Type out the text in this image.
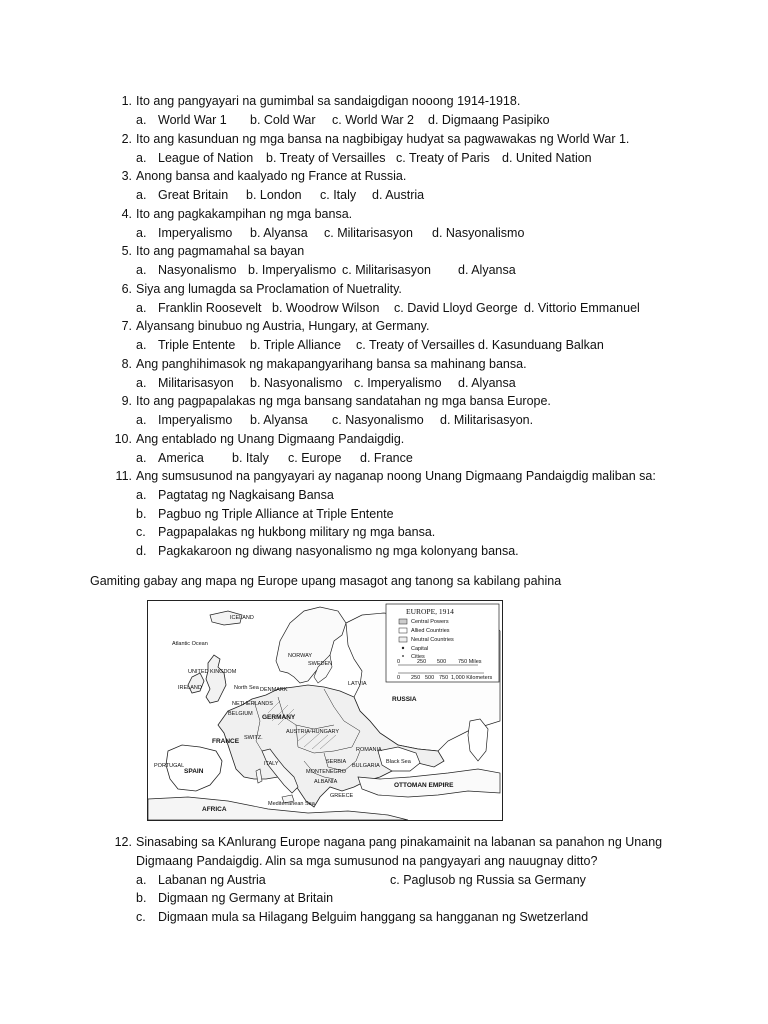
1. Ito ang pangyayari na gumimbal sa sandaigdigan nooong 1914-1918.
a. World War 1 b. Cold War c. World War 2 d. Digmaang Pasipiko
2. Ito ang kasunduan ng mga bansa na nagbibigay hudyat sa pagwawakas ng World War 1.
a. League of Nation b. Treaty of Versailles c. Treaty of Paris d. United Nation
3. Anong bansa and kaalyado ng France at Russia.
a. Great Britain b. London c. Italy d. Austria
4. Ito ang pagkakampihan ng mga bansa.
a. Imperyalismo b. Alyansa c. Militarisasyon d. Nasyonalismo
5. Ito ang pagmamahal sa bayan
a. Nasyonalismo b. Imperyalismo c. Militarisasyon d. Alyansa
6. Siya ang lumagda sa Proclamation of Nuetrality.
a. Franklin Roosevelt b. Woodrow Wilson c. David Lloyd George d. Vittorio Emmanuel
7. Alyansang binubuo ng Austria, Hungary, at Germany.
a. Triple Entente b. Triple Alliance c. Treaty of Versailles d. Kasunduang Balkan
8. Ang panghihimasok ng makapangyarihang bansa sa mahinang bansa.
a. Militarisasyon b. Nasyonalismo c. Imperyalismo d. Alyansa
9. Ito ang pagpapalakas ng mga bansang sandatahan ng mga bansa Europe.
a. Imperyalismo b. Alyansa c. Nasyonalismo d. Militarisasyon.
10. Ang entablado ng Unang Digmaang Pandaigdig.
a. America b. Italy c. Europe d. France
11. Ang sumsusunod na pangyayari ay naganap noong Unang Digmaang Pandaigdig maliban sa:
a. Pagtatag ng Nagkaisang Bansa
b. Pagbuo ng Triple Alliance at Triple Entente
c. Pagpapalakas ng hukbong military ng mga bansa.
d. Pagkakaroon ng diwang nasyonalismo ng mga kolonyang bansa.
Gamiting gabay ang mapa ng Europe upang masagot ang tanong sa kabilang pahina
EUROPE, 1914
Central Powers
Allied Countries
Neutral Countries
Capital
Cities
0	250 500 750 Miles
0 250 500 750 1,000 Kilometers
ICELAND
Atlantic Ocean
UNITED KINGDOM
IRELAND
NORWAY
SWEDEN
North Sea DENMARK
NETHERLANDS
BELGIUM GERMANY
FRANCE SWITZ.
AUSTRIA-HUNGARY
RUSSIA
LATVIA
PORTUGAL
SPAIN
ITALY	SERBIA
ROMANIA
BULGARIA
MONTENEGRO
ALBANIA
GREECE
Black Sea
OTTOMAN EMPIRE
AFRICA
Mediterranean Sea
12. Sinasabing sa KAnlurang Europe nagana pang pinakamainit na labanan sa panahon ng Unang
Digmaang Pandaigdig. Alin sa mga sumusunod na pangyayari ang nauugnay ditto?
a. Labanan ng Austria	c. Paglusob ng Russia sa Germany
b. Digmaan ng Germany at Britain
c. Digmaan mula sa Hilagang Belguim hanggang sa hangganan ng Swetzerland
